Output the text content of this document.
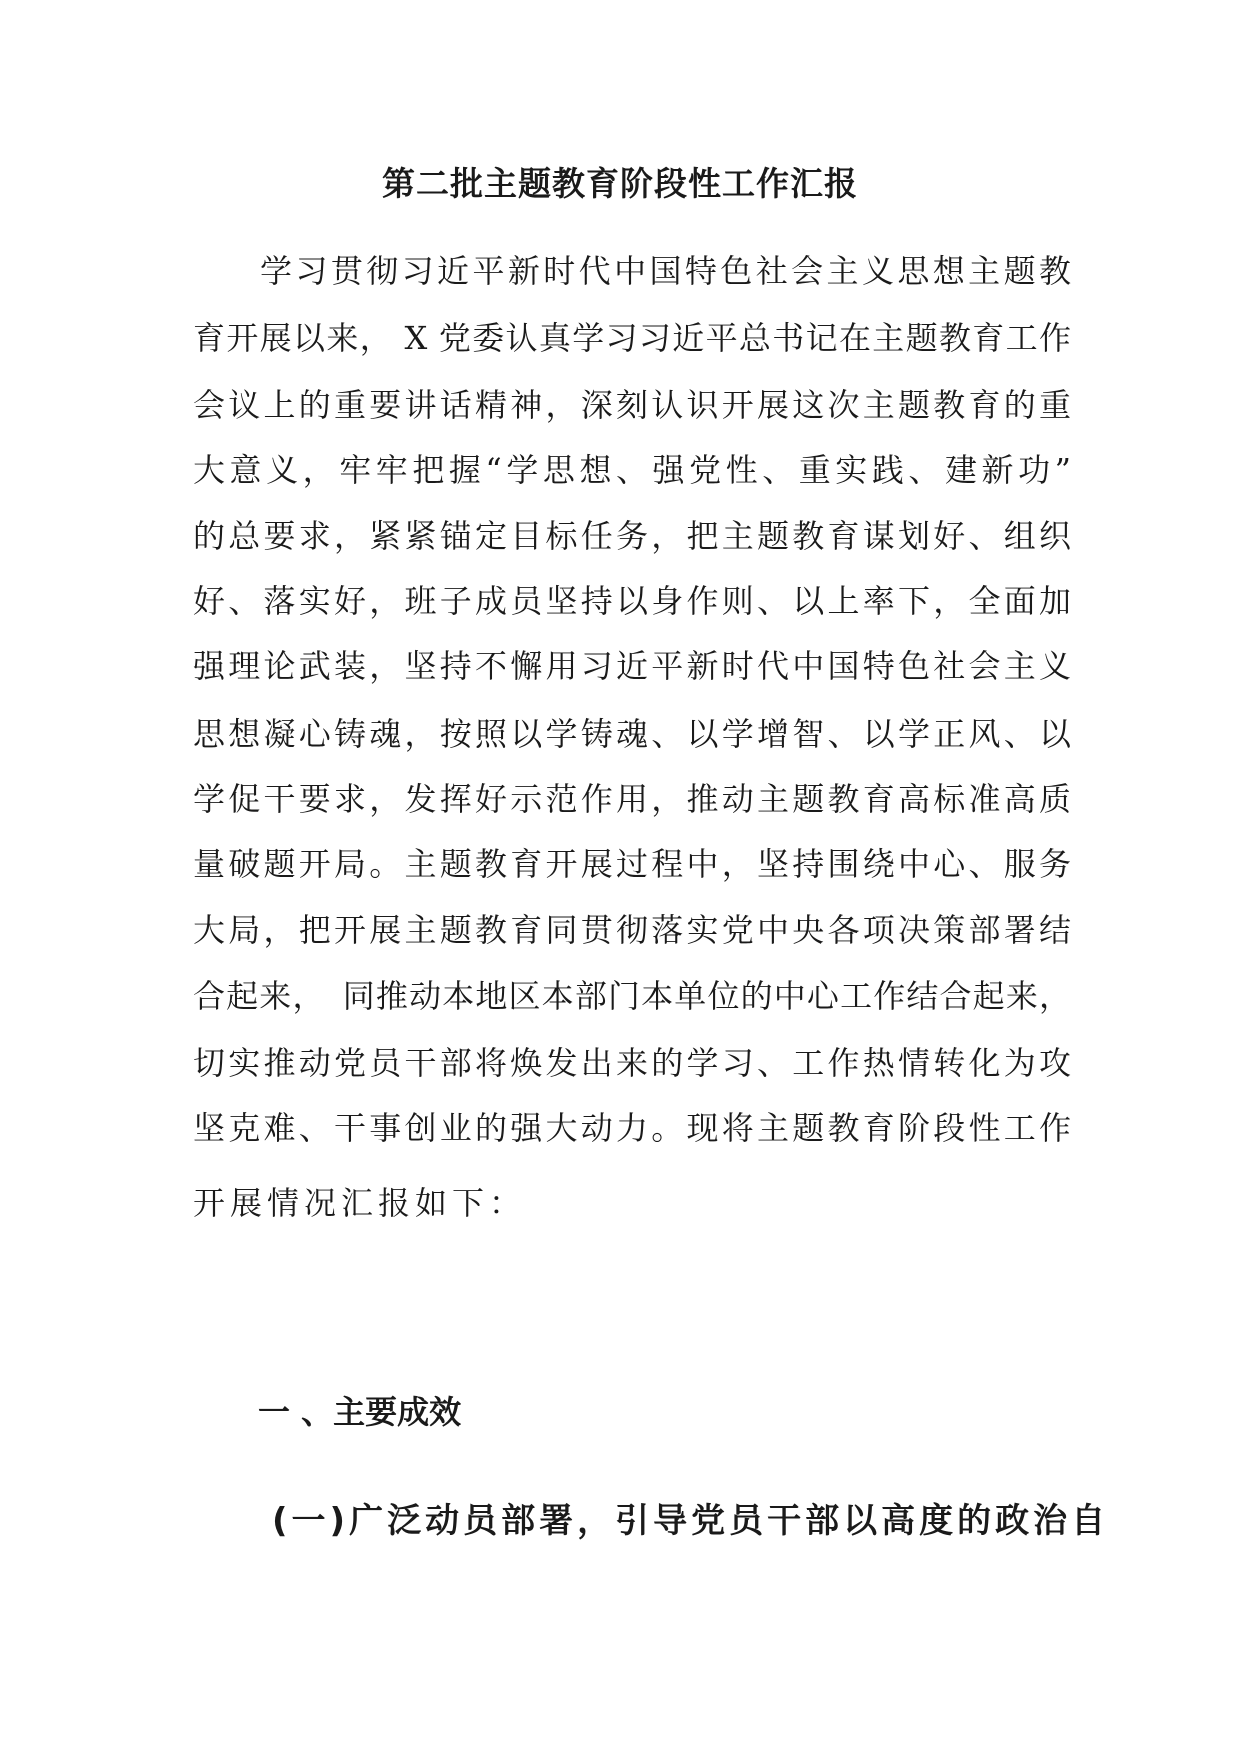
第二批主题教育阶段性工作汇报
学习贯彻习近平新时代中国特色社会主义思想主题教
育开展以来， X 党委认真学习习近平总书记在主题教育工作
会议上的重要讲话精神，深刻认识开展这次主题教育的重
大意义，牢牢把握“学思想、强党性、重实践、建新功”
的总要求，紧紧锚定目标任务，把主题教育谋划好、组织
好、落实好，班子成员坚持以身作则、以上率下，全面加
强理论武装，坚持不懈用习近平新时代中国特色社会主义
思想凝心铸魂，按照以学铸魂、以学增智、以学正风、以
学促干要求，发挥好示范作用，推动主题教育高标准高质
量破题开局。主题教育开展过程中，坚持围绕中心、服务
大局，把开展主题教育同贯彻落实党中央各项决策部署结
合起来，　同推动本地区本部门本单位的中心工作结合起来，
切实推动党员干部将焕发出来的学习、工作热情转化为攻
坚克难、干事创业的强大动力。现将主题教育阶段性工作
开展情况汇报如下：
一 、主要成效
(一)广泛动员部署，引导党员干部以高度的政治自
